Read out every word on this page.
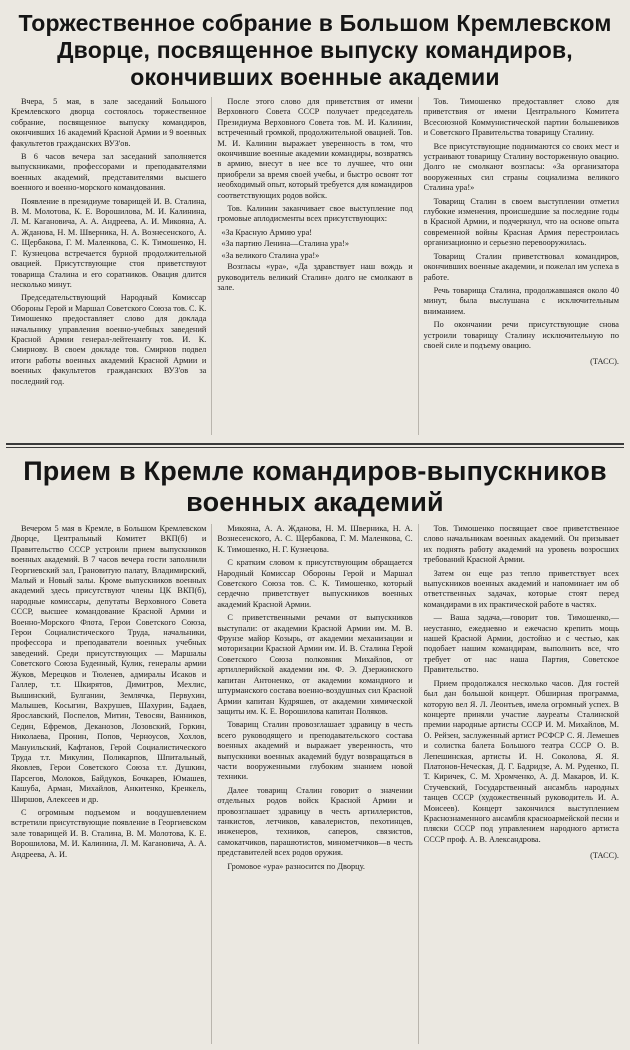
Торжественное собрание в Большом Кремлевском Дворце, посвященное выпуску командиров, окончивших военные академии

Вчера, 5 мая, в зале заседаний Большого Кремлевского дворца состоялось торжественное собрание, посвященное выпуску командиров, окончивших 16 академий Красной Армии и 9 военных факультетов гражданских ВУЗ'ов.

В 6 часов вечера зал заседаний заполняется выпускниками, профессорами и преподавателями военных академий, представителями высшего военного и военно-морского командования.

Появление в президиуме товарищей И. В. Сталина, В. М. Молотова, К. Е. Ворошилова, М. И. Калинина, Л. М. Кагановича, А. А. Андреева, А. И. Микояна, А. А. Жданова, Н. М. Шверника, Н. А. Вознесенского, А. С. Щербакова, Г. М. Маленкова, С. К. Тимошенко, Н. Г. Кузнецова встречается бурной продолжительной овацией. Присутствующие стоя приветствуют товарища Сталина и его соратников. Овация длится несколько минут.

Председательствующий Народный Комиссар Обороны Герой и Маршал Советского Союза тов. С. К. Тимошенко предоставляет слово для доклада начальнику управления военно-учебных заведений Красной Армии генерал-лейтенанту тов. И. К. Смирнову. В своем докладе тов. Смирнов подвел итоги работы военных академий Красной Армии и военных факультетов гражданских ВУЗ'ов за последний год.

После этого слово для приветствия от имени Верховного Совета СССР получает председатель Президиума Верховного Совета тов. М. И. Калинин, встреченный громкой, продолжительной овацией. Тов. М. И. Калинин выражает уверенность в том, что окончившие военные академии командиры, возвратясь в армию, внесут в нее все то лучшее, что они приобрели за время своей учебы, и быстро освоят тот необходимый опыт, который требуется для командиров соответствующих родов войск.

Тов. Калинин заканчивает свое выступление под громовые аплодисменты всех присутствующих:

«За Красную Армию ура!

«За партию Ленина—Сталина ура!»

«За великого Сталина ура!»

Возгласы «ура», «Да здравствует наш вождь и руководитель великий Сталин» долго не смолкают в зале.

Тов. Тимошенко предоставляет слово для приветствия от имени Центрального Комитета Всесоюзной Коммунистической партии большевиков и Советского Правительства товарищу Сталину.

Все присутствующие поднимаются со своих мест и устраивают товарищу Сталину восторженную овацию. Долго не смолкают возгласы: «За организатора вооруженных сил страны социализма великого Сталина ура!»

Товарищ Сталин в своем выступлении отметил глубокие изменения, происшедшие за последние годы в Красной Армии, и подчеркнул, что на основе опыта современной войны Красная Армия перестроилась организационно и серьезно перевооружилась.

Товарищ Сталин приветствовал командиров, окончивших военные академии, и пожелал им успеха в работе.

Речь товарища Сталина, продолжавшаяся около 40 минут, была выслушана с исключительным вниманием.

По окончании речи присутствующие снова устроили товарищу Сталину исключительную по своей силе и подъему овацию.

(ТАСС).

Прием в Кремле командиров-выпускников военных академий

Вечером 5 мая в Кремле, в Большом Кремлевском Дворце, Центральный Комитет ВКП(б) и Правительство СССР устроили прием выпускников военных академий. В 7 часов вечера гости заполнили Георгиевский зал, Грановитую палату, Владимирский, Малый и Новый залы. Кроме выпускников военных академий здесь присутствуют члены ЦК ВКП(б), народные комиссары, депутаты Верховного Совета СССР, высшее командование Красной Армии и Военно-Морского Флота, Герои Советского Союза, Герои Социалистического Труда, начальники, профессора и преподаватели военных учебных заведений. Среди присутствующих — Маршалы Советского Союза Буденный, Кулик, генералы армии Жуков, Мерецков и Тюленев, адмиралы Исаков и Галлер, т.т. Шкирятов, Димитров, Мехлис, Вышинский, Булганин, Землячка, Первухин, Малышев, Косыгин, Вахрушев, Шахурин, Бадаев, Ярославский, Поспелов, Митин, Тевосян, Ванников, Седин, Ефремов, Деканозов, Лозовский, Горкин, Николаева, Пронин, Попов, Черноусов, Хохлов, Мануильский, Кафтанов, Герой Социалистического Труда т.т. Микулин, Поликарпов, Шпитальный, Яковлев, Герои Советского Союза т.т. Душкин, Парсегов, Молоков, Байдуков, Бочкарев, Юмашев, Кашуба, Арман, Михайлов, Анкитенко, Кренкель, Ширшов, Алексеев и др.

С огромным подъемом и воодушевлением встретили присутствующие появление в Георгиевском зале товарищей И. В. Сталина, В. М. Молотова, К. Е. Ворошилова, М. И. Калинина, Л. М. Кагановича, А. А. Андреева, А. И.

Микояна, А. А. Жданова, Н. М. Шверника, Н. А. Вознесенского, А. С. Щербакова, Г. М. Маленкова, С. К. Тимошенко, Н. Г. Кузнецова.

С кратким словом к присутствующим обращается Народный Комиссар Обороны Герой и Маршал Советского Союза тов. С. К. Тимошенко, который сердечно приветствует выпускников военных академий Красной Армии.

С приветственными речами от выпускников выступали: от академии Красной Армии им. М. В. Фрунзе майор Козырь, от академии механизации и моторизации Красной Армии им. И. В. Сталина Герой Советского Союза полковник Михайлов, от артиллерийской академии им. Ф. Э. Дзержинского капитан Антоненко, от академии командного и штурманского состава военно-воздушных сил Красной Армии капитан Кудряшев, от академии химической защиты им. К. Е. Ворошилова капитан Поляков.

Товарищ Сталин провозглашает здравицу в честь всего руководящего и преподавательского состава военных академий и выражает уверенность, что выпускники военных академий будут возвращаться в части вооруженными глубоким знанием новой техники.

Далее товарищ Сталин говорит о значении отдельных родов войск Красной Армии и провозглашает здравицу в честь артиллеристов, танкистов, летчиков, кавалеристов, пехотинцев, инженеров, техников, саперов, связистов, самокатчиков, парашютистов, минометчиков—в честь представителей всех родов оружия.

Громовое «ура» разносится по Дворцу.

Тов. Тимошенко посвящает свое приветственное слово начальникам военных академий. Он призывает их поднять работу академий на уровень возросших требований Красной Армии.

Затем он еще раз тепло приветствует всех выпускников военных академий и напоминает им об ответственных задачах, которые стоят перед командирами в их практической работе в частях.

— Ваша задача,—говорит тов. Тимошенко,— неустанно, ежедневно и ежечасно крепить мощь нашей Красной Армии, достойно и с честью, как подобает нашим командирам, выполнить все, что требует от нас наша Партия, Советское Правительство.

Прием продолжался несколько часов. Для гостей был дан большой концерт. Обширная программа, которую вел Я. Л. Леонтьев, имела огромный успех. В концерте приняли участие лауреаты Сталинской премии народные артисты СССР И. М. Михайлов, М. О. Рейзен, заслуженный артист РСФСР С. Я. Лемешев и солистка балета Большого театра СССР О. В. Лепешинская, артисты И. Н. Соколова, Я. Я. Платонов-Неческая, Д. Г. Бадридзе, А. М. Руденко, П. Т. Киричек, С. М. Хромченко, А. Д. Макаров, И. К. Стучевский, Государственный ансамбль народных танцев СССР (художественный руководитель И. А. Моисеев). Концерт закончился выступлением Краснознаменного ансамбля красноармейской песни и пляски СССР под управлением народного артиста СССР проф. А. В. Александрова.

(ТАСС).
